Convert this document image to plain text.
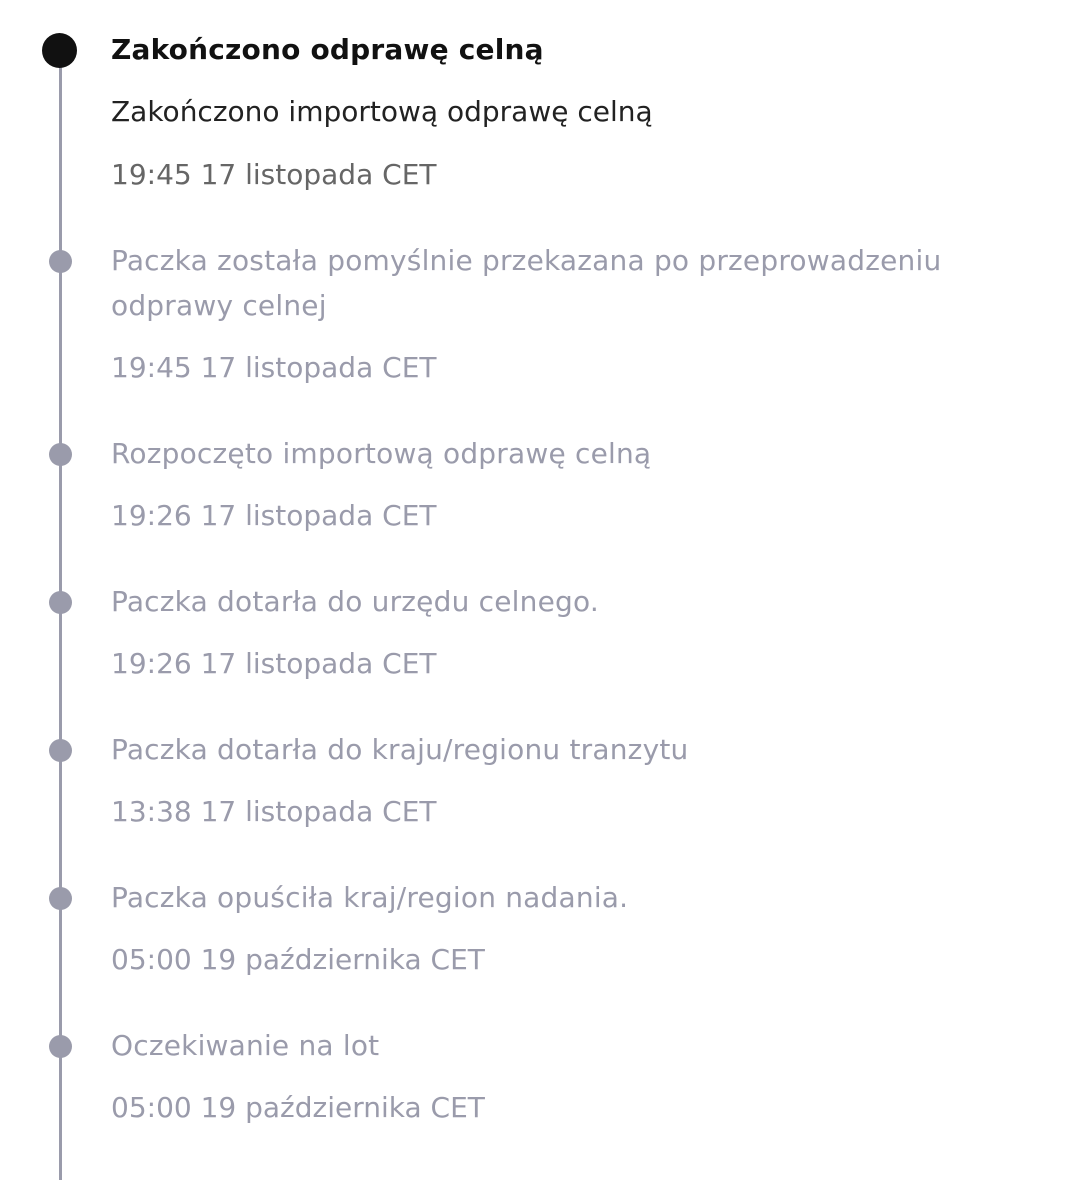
Zakończono odprawę celną
Zakończono importową odprawę celną
19:45 17 listopada CET
Paczka została pomyślnie przekazana po przeprowadzeniu odprawy celnej
19:45 17 listopada CET
Rozpoczęto importową odprawę celną
19:26 17 listopada CET
Paczka dotarła do urzędu celnego.
19:26 17 listopada CET
Paczka dotarła do kraju/regionu tranzytu
13:38 17 listopada CET
Paczka opuściła kraj/region nadania.
05:00 19 października CET
Oczekiwanie na lot
05:00 19 października CET
